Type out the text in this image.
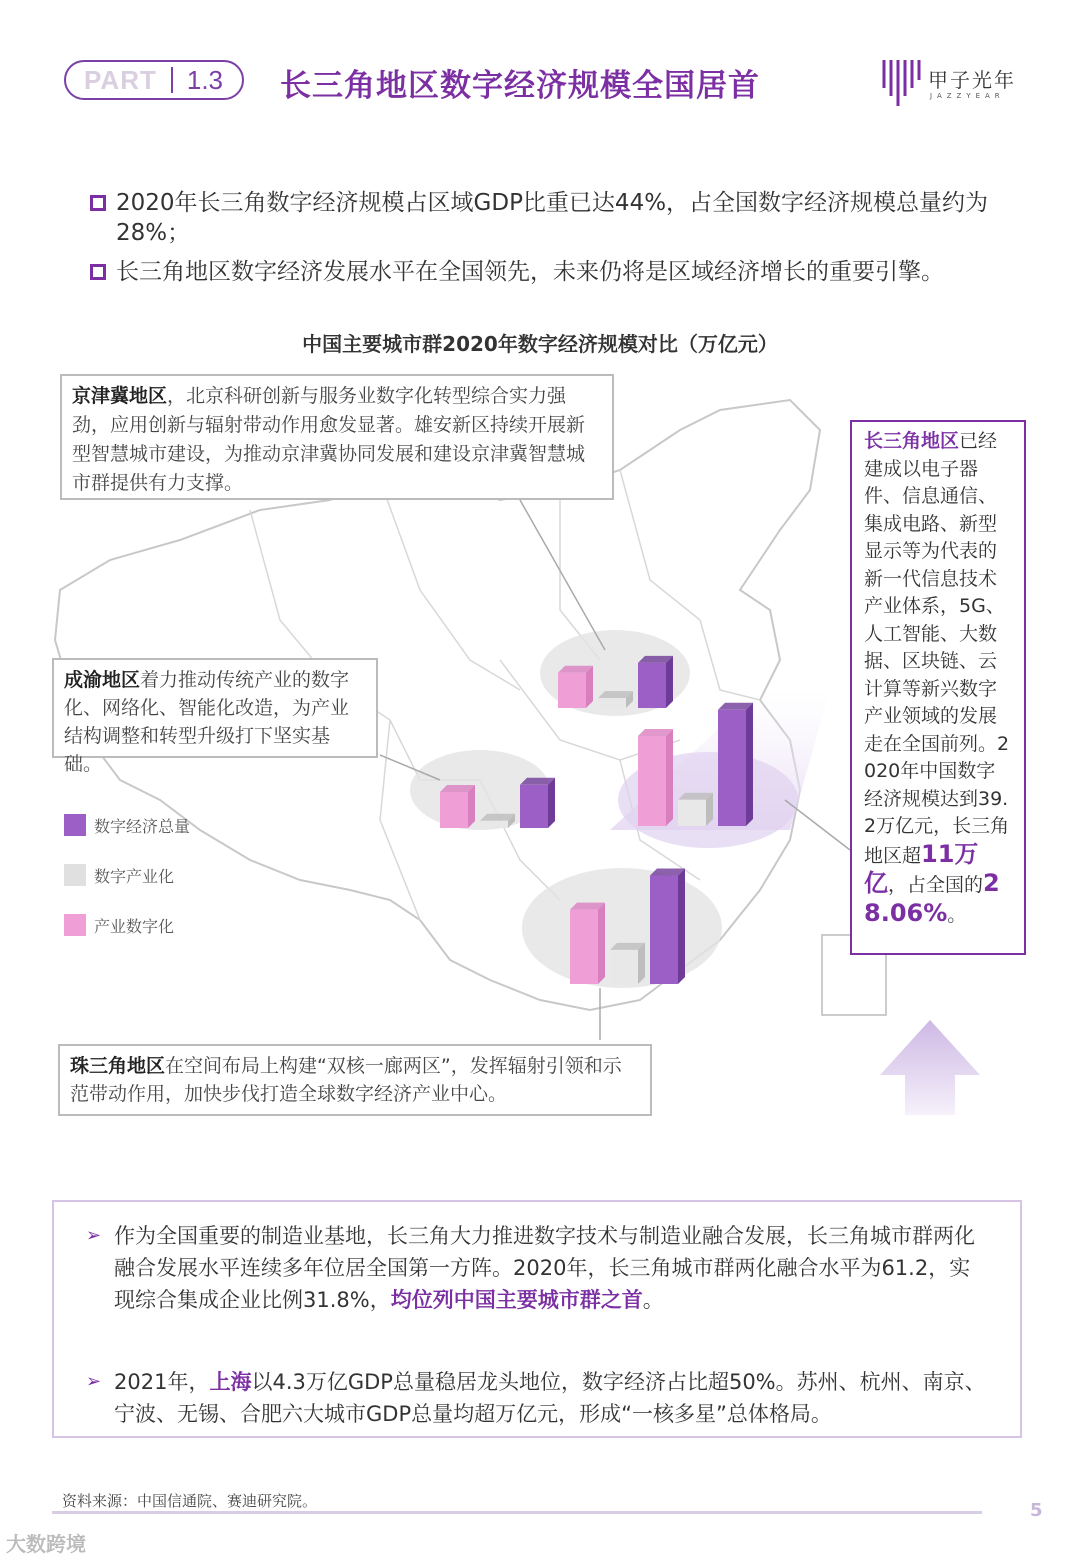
PART 1.3 长三角地区数字经济规模全国居首	甲子光年
JAZZYEAR
2020年长三角数字经济规模占区域GDP比重已达44%，占全国数字经济规模总量约为28%；
长三角地区数字经济发展水平在全国领先，未来仍将是区域经济增长的重要引擎。
中国主要城市群2020年数字经济规模对比（万亿元）
京津冀地区，北京科研创新与服务业数字化转型综合实力强劲，应用创新与辐射带动作用愈发显著。雄安新区持续开展新型智慧城市建设，为推动京津冀协同发展和建设京津冀智慧城市群提供有力支撑。
成渝地区着力推动传统产业的数字化、网络化、智能化改造，为产业结构调整和转型升级打下坚实基础。
珠三角地区在空间布局上构建“双核一廊两区”，发挥辐射引领和示范带动作用，加快步伐打造全球数字经济产业中心。
长三角地区已经建成以电子器件、信息通信、集成电路、新型显示等为代表的新一代信息技术产业体系，5G、人工智能、大数据、区块链、云计算等新兴数字产业领域的发展走在全国前列。2020年中国数字经济规模达到39.2万亿元，长三角地区超11万亿，占全国的28.06%。
数字经济总量
数字产业化
产业数字化
➢ 作为全国重要的制造业基地，长三角大力推进数字技术与制造业融合发展，长三角城市群两化融合发展水平连续多年位居全国第一方阵。2020年，长三角城市群两化融合水平为61.2，实现综合集成企业比例31.8%，均位列中国主要城市群之首。
➢ 2021年，上海以4.3万亿GDP总量稳居龙头地位，数字经济占比超50%。苏州、杭州、南京、宁波、无锡、合肥六大城市GDP总量均超万亿元，形成“一核多星”总体格局。
资料来源：中国信通院、赛迪研究院。	5
大数跨境
